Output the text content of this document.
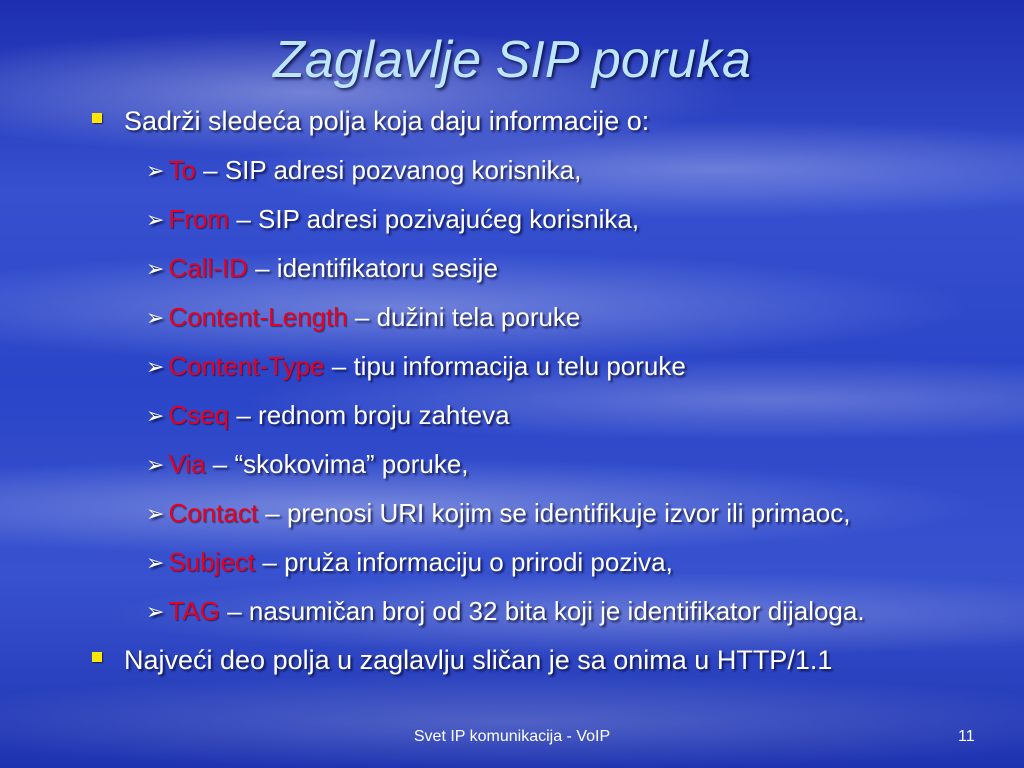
Zaglavlje SIP poruka
Sadrži sledeća polja koja daju informacije o:
➢ To – SIP adresi pozvanog korisnika,
➢ From – SIP adresi pozivajućeg korisnika,
➢ Call-ID – identifikatoru sesije
➢ Content-Length – dužini tela poruke
➢ Content-Type – tipu informacija u telu poruke
➢ Cseq – rednom broju zahteva
➢ Via – “skokovima” poruke,
➢ Contact – prenosi URI kojim se identifikuje izvor ili primaoc,
➢ Subject – pruža informaciju o prirodi poziva,
➢ TAG – nasumičan broj od 32 bita koji je identifikator dijaloga.
Najveći deo polja u zaglavlju sličan je sa onima u HTTP/1.1
Svet IP komunikacija - VoIP	11
